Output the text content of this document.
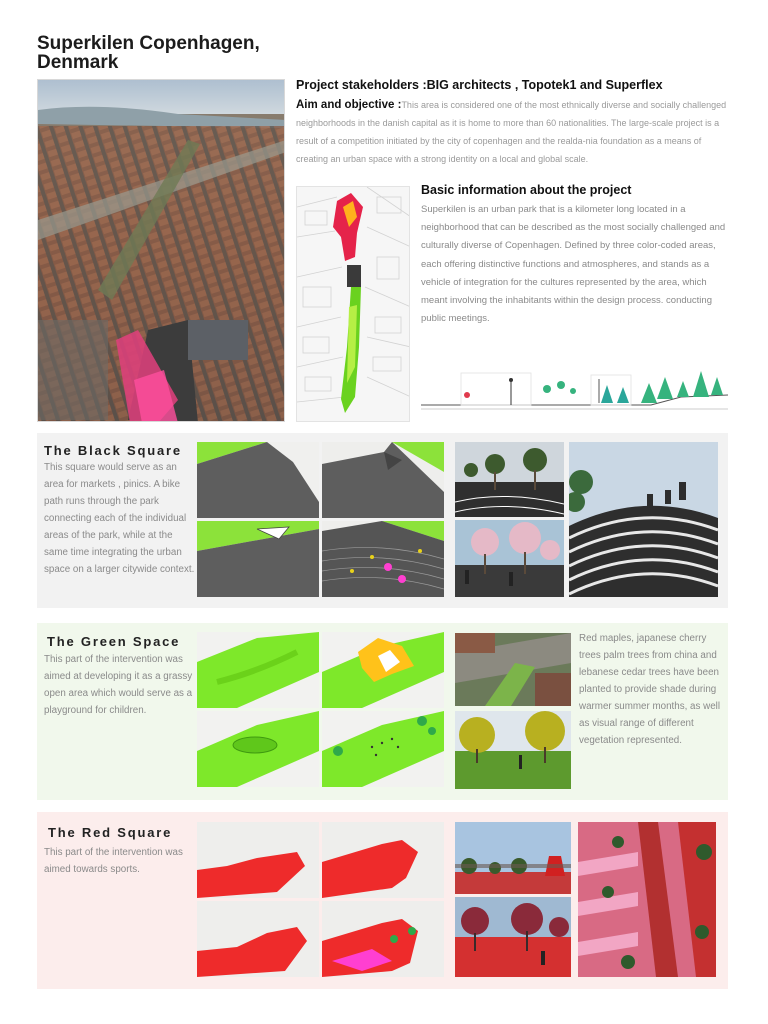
Superkilen Copenhagen, Denmark
Project stakeholders :BIG architects , Topotek1 and Superflex

Aim and objective :This area is considered one of the most ethnically diverse and socially challenged neighborhoods in the danish capital as it is home to more than 60 nationalities. The large-scale project is a result of a competition initiated by the city of copenhagen and the realda-nia foundation as a means of creating an urban space with a strong identity on a local and global scale.

Basic information about the project

Superkilen is an urban park that is a kilometer long located in a neighborhood that can be described as the most socially challenged and culturally diverse of Copenhagen. Defined by three color-coded areas, each offering distinctive functions and atmospheres, and stands as a vehicle of integration for the cultures represented by the area, which meant involving the inhabitants within the design process. conducting public meetings.

The Black Square

This square would serve as an area for markets , pinics. A bike path runs through the park connecting each of the individual areas of the park, while at the same time integrating the urban space on a larger citywide context.

The Green Space

This part of the intervention was aimed at developing it as a grassy open area which would serve as a playground for children.

Red maples, japanese cherry trees palm trees from china and lebanese cedar trees have been planted to provide shade during warmer summer months, as well as visual range of different vegetation represented.

The Red Square

This part of the intervention was aimed towards sports.
